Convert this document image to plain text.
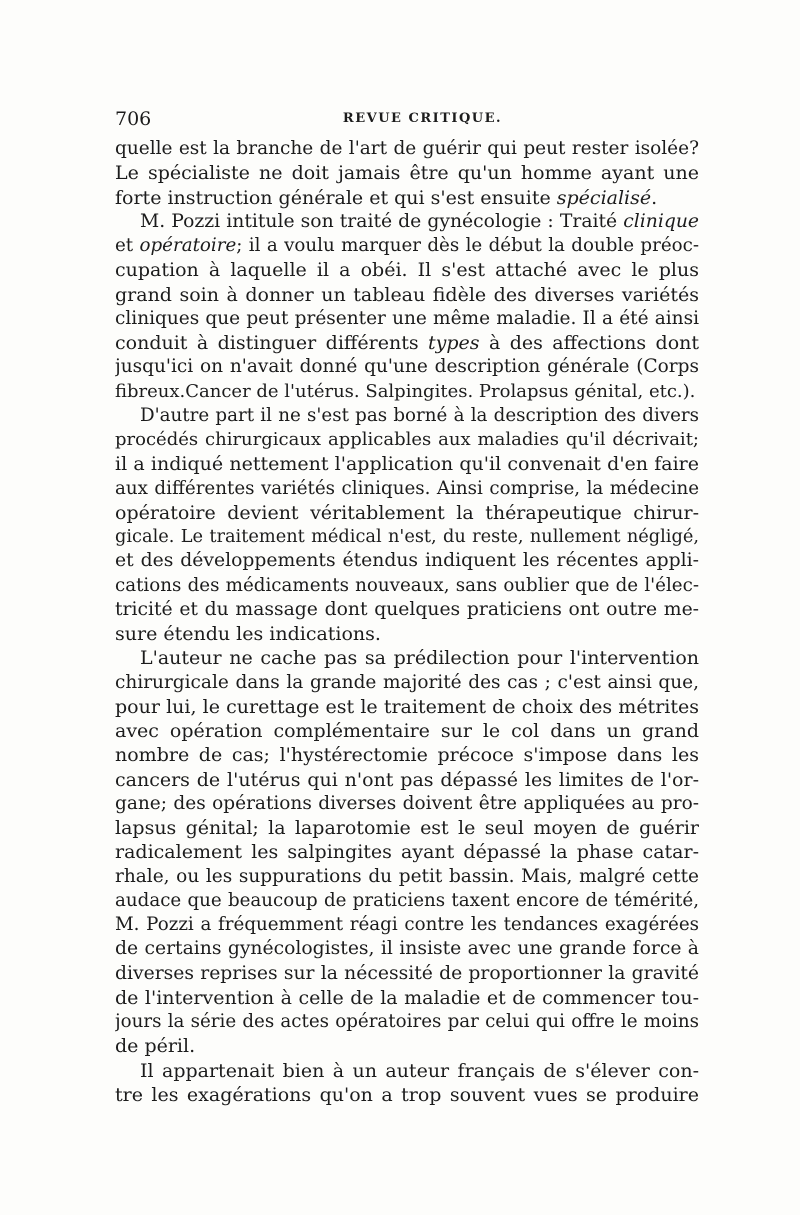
706	REVUE CRITIQUE.
quelle est la branche de l'art de guérir qui peut rester isolée?
Le spécialiste ne doit jamais être qu'un homme ayant une
forte instruction générale et qui s'est ensuite spécialisé.
M. Pozzi intitule son traité de gynécologie : Traité clinique
et opératoire; il a voulu marquer dès le début la double préoc-
cupation à laquelle il a obéi. Il s'est attaché avec le plus
grand soin à donner un tableau fidèle des diverses variétés
cliniques que peut présenter une même maladie. Il a été ainsi
conduit à distinguer différents types à des affections dont
jusqu'ici on n'avait donné qu'une description générale (Corps
fibreux.Cancer de l'utérus. Salpingites. Prolapsus génital, etc.).
D'autre part il ne s'est pas borné à la description des divers
procédés chirurgicaux applicables aux maladies qu'il décrivait;
il a indiqué nettement l'application qu'il convenait d'en faire
aux différentes variétés cliniques. Ainsi comprise, la médecine
opératoire devient véritablement la thérapeutique chirur-
gicale. Le traitement médical n'est, du reste, nullement négligé,
et des développements étendus indiquent les récentes appli-
cations des médicaments nouveaux, sans oublier que de l'élec-
tricité et du massage dont quelques praticiens ont outre me-
sure étendu les indications.
L'auteur ne cache pas sa prédilection pour l'intervention
chirurgicale dans la grande majorité des cas ; c'est ainsi que,
pour lui, le curettage est le traitement de choix des métrites
avec opération complémentaire sur le col dans un grand
nombre de cas; l'hystérectomie précoce s'impose dans les
cancers de l'utérus qui n'ont pas dépassé les limites de l'or-
gane; des opérations diverses doivent être appliquées au pro-
lapsus génital; la laparotomie est le seul moyen de guérir
radicalement les salpingites ayant dépassé la phase catar-
rhale, ou les suppurations du petit bassin. Mais, malgré cette
audace que beaucoup de praticiens taxent encore de témérité,
M. Pozzi a fréquemment réagi contre les tendances exagérées
de certains gynécologistes, il insiste avec une grande force à
diverses reprises sur la nécessité de proportionner la gravité
de l'intervention à celle de la maladie et de commencer tou-
jours la série des actes opératoires par celui qui offre le moins
de péril.
Il appartenait bien à un auteur français de s'élever con-
tre les exagérations qu'on a trop souvent vues se produire
